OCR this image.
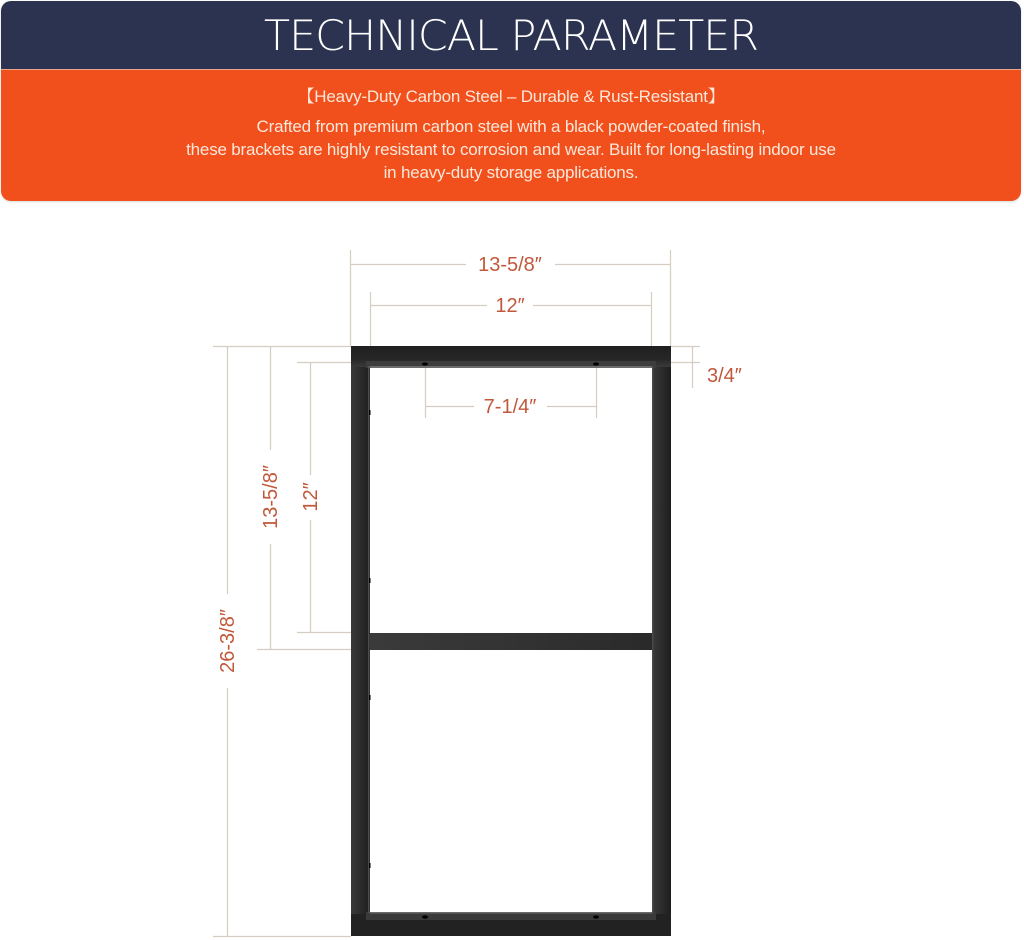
TECHNICAL PARAMETER
【Heavy-Duty Carbon Steel – Durable & Rust-Resistant】
Crafted from premium carbon steel with a black powder-coated finish,
these brackets are highly resistant to corrosion and wear. Built for long-lasting indoor use
in heavy-duty storage applications.
13-5/8″
12″
3/4″
7-1/4″
13-5/8″ 12″
26-3/8″
